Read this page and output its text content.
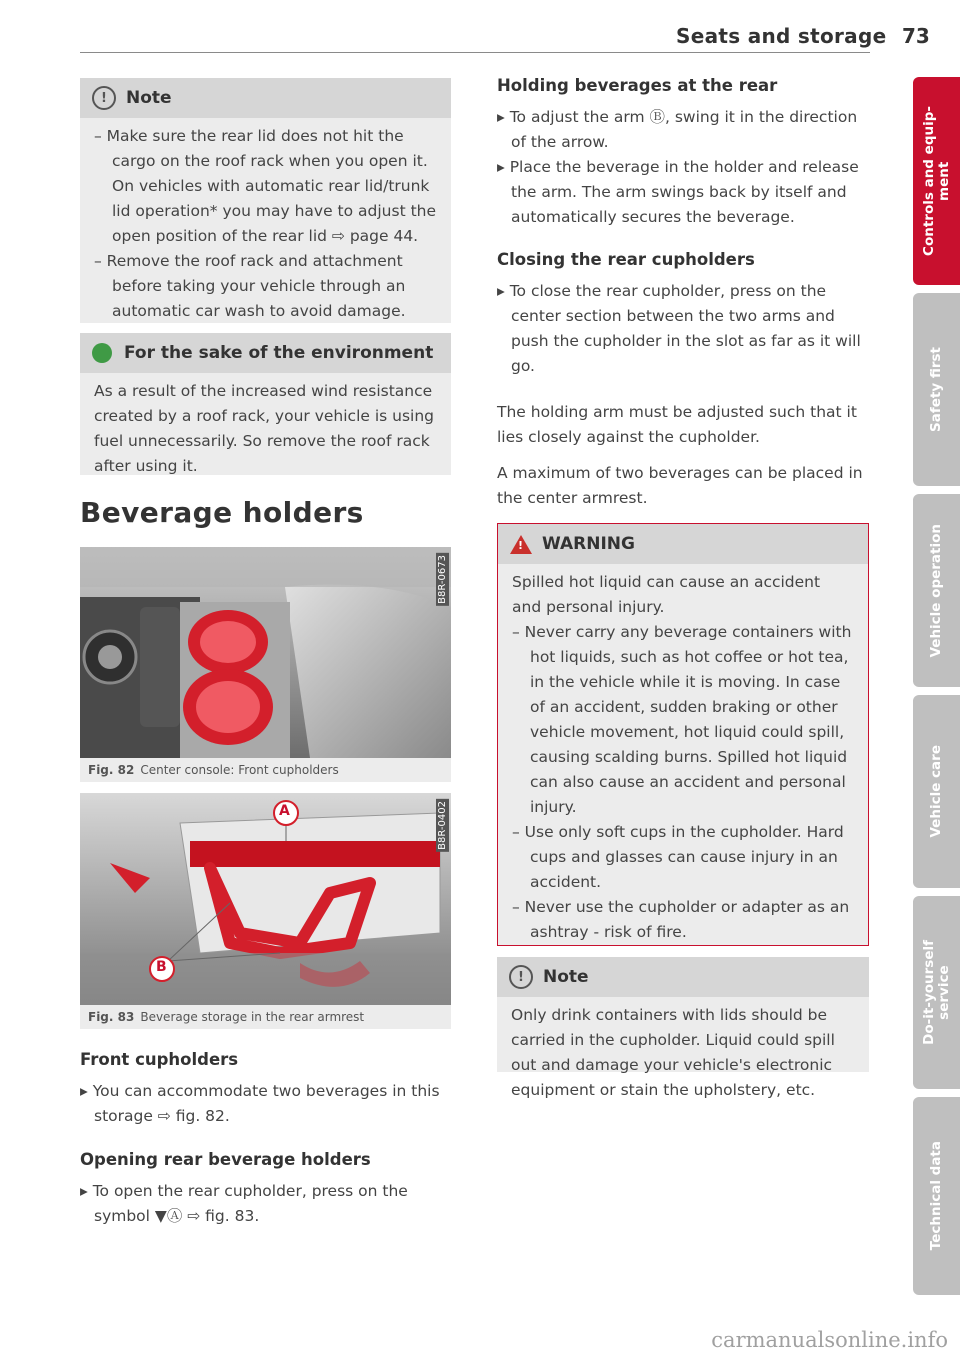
Seats and storage 73
!	Note
– Make sure the rear lid does not hit the cargo on the roof rack when you open it. On vehicles with automatic rear lid/trunk lid operation* you may have to adjust the open position of the rear lid ⇨ page 44.
– Remove the roof rack and attachment before taking your vehicle through an automatic car wash to avoid damage.
For the sake of the environment
As a result of the increased wind resistance created by a roof rack, your vehicle is using fuel unnecessarily. So remove the roof rack after using it.
Beverage holders
B8R-0673
Fig. 82 Center console: Front cupholders
A
B
B8R-0402
Fig. 83 Beverage storage in the rear armrest
Front cupholders
▸ You can accommodate two beverages in this storage ⇨ fig. 82.
Opening rear beverage holders
▸ To open the rear cupholder, press on the symbol ▼Ⓐ ⇨ fig. 83.
Holding beverages at the rear
▸ To adjust the arm Ⓑ, swing it in the direction of the arrow.
▸ Place the beverage in the holder and release the arm. The arm swings back by itself and automatically secures the beverage.
Closing the rear cupholders
▸ To close the rear cupholder, press on the center section between the two arms and push the cupholder in the slot as far as it will go.
The holding arm must be adjusted such that it lies closely against the cupholder.
A maximum of two beverages can be placed in the center armrest.
! WARNING
Spilled hot liquid can cause an accident and personal injury.
– Never carry any beverage containers with hot liquids, such as hot coffee or hot tea, in the vehicle while it is moving. In case of an accident, sudden braking or other vehicle movement, hot liquid could spill, causing scalding burns. Spilled hot liquid can also cause an accident and personal injury.
– Use only soft cups in the cupholder. Hard cups and glasses can cause injury in an accident.
– Never use the cupholder or adapter as an ashtray - risk of fire.
!	Note
Only drink containers with lids should be carried in the cupholder. Liquid could spill out and damage your vehicle's electronic equipment or stain the upholstery, etc.
Controls and equip-
ment
Safety first
Vehicle operation
Vehicle care
Do-it-yourself
service
Technical data
carmanualsonline.info
